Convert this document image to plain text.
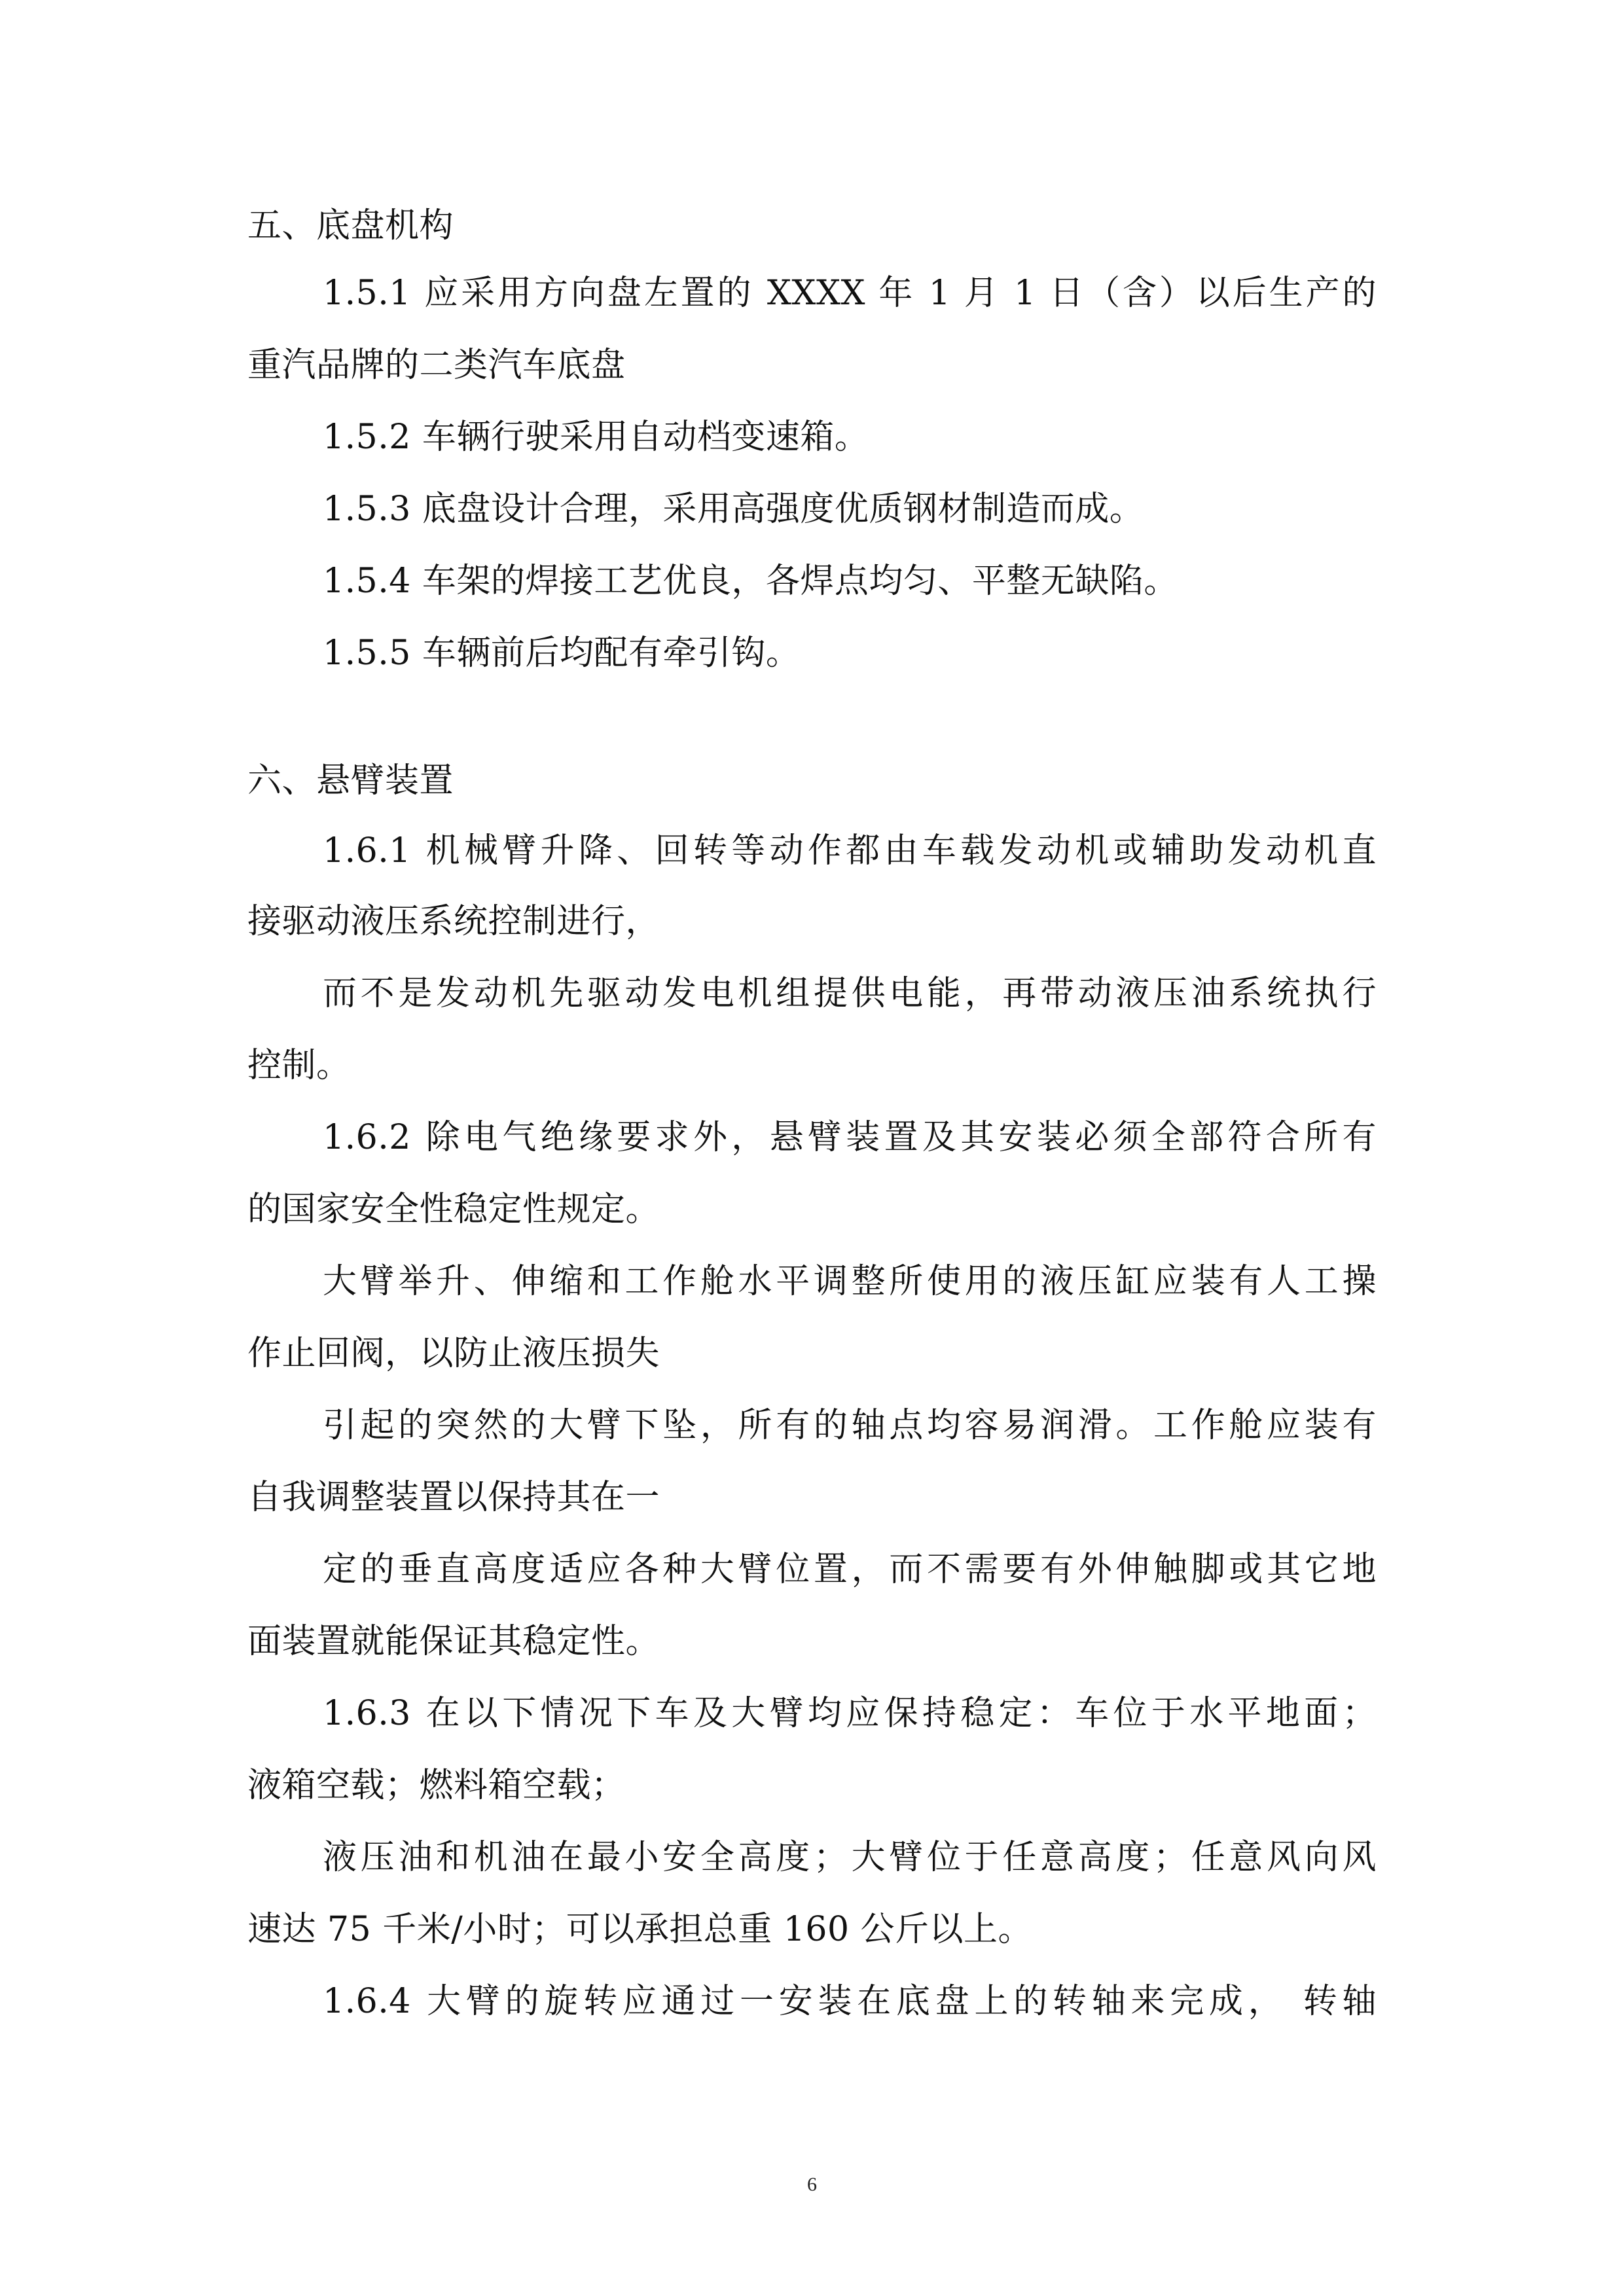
五、底盘机构
1.5.1 应采用方向盘左置的 XXXX 年 1 月 1 日（含）以后生产的
重汽品牌的二类汽车底盘
1.5.2 车辆行驶采用自动档变速箱。
1.5.3 底盘设计合理，采用高强度优质钢材制造而成。
1.5.4 车架的焊接工艺优良，各焊点均匀、平整无缺陷。
1.5.5 车辆前后均配有牵引钩。
六、悬臂装置
1.6.1 机械臂升降、回转等动作都由车载发动机或辅助发动机直
接驱动液压系统控制进行，
而不是发动机先驱动发电机组提供电能，再带动液压油系统执行
控制。
1.6.2 除电气绝缘要求外，悬臂装置及其安装必须全部符合所有
的国家安全性稳定性规定。
大臂举升、伸缩和工作舱水平调整所使用的液压缸应装有人工操
作止回阀，以防止液压损失
引起的突然的大臂下坠，所有的轴点均容易润滑。工作舱应装有
自我调整装置以保持其在一
定的垂直高度适应各种大臂位置，而不需要有外伸触脚或其它地
面装置就能保证其稳定性。
1.6.3 在以下情况下车及大臂均应保持稳定：车位于水平地面；
液箱空载；燃料箱空载；
液压油和机油在最小安全高度；大臂位于任意高度；任意风向风
速达 75 千米/小时；可以承担总重 160 公斤以上。
1.6.4 大臂的旋转应通过一安装在底盘上的转轴来完成， 转轴
6
